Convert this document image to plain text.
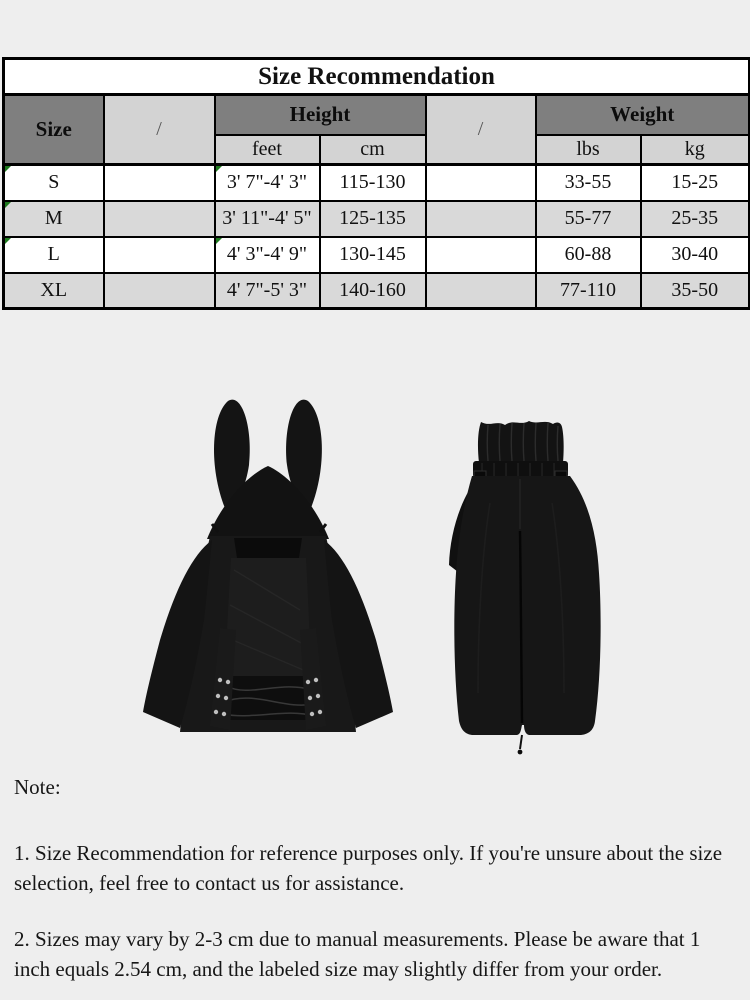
Size Recommendation						
Size	/	Height		/	Weight	
		feet	cm		lbs	kg
S		3' 7"-4' 3"	115-130		33-55	15-25
M		3' 11"-4' 5"	125-135		55-77	25-35
L		4' 3"-4' 9"	130-145		60-88	30-40
XL		4' 7"-5' 3"	140-160		77-110	35-50
Note:
1. Size Recommendation for reference purposes only. If you're unsure about the size selection, feel free to contact us for assistance.
2. Sizes may vary by 2-3 cm due to manual measurements. Please be aware that 1 inch equals 2.54 cm, and the labeled size may slightly differ from your order.
